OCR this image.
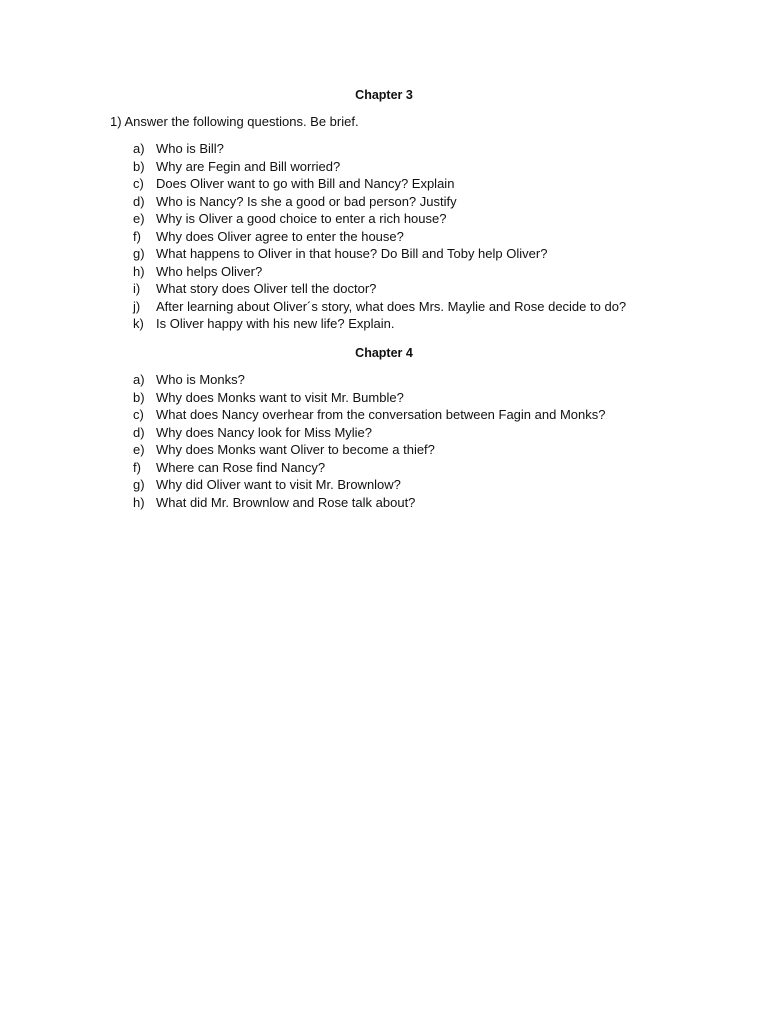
Chapter 3
1) Answer the following questions. Be brief.
a) Who is Bill?
b) Why are Fegin and Bill worried?
c) Does Oliver want to go with Bill and Nancy? Explain
d) Who is Nancy? Is she a good or bad person? Justify
e) Why is Oliver a good choice to enter a rich house?
f)	Why does Oliver agree to enter the house?
g) What happens to Oliver in that house? Do Bill and Toby help Oliver?
h) Who helps Oliver?
i)	What story does Oliver tell the doctor?
j)	After learning about Oliver´s story, what does Mrs. Maylie and Rose decide to do?
k) Is Oliver happy with his new life? Explain.
Chapter 4
a) Who is Monks?
b) Why does Monks want to visit Mr. Bumble?
c) What does Nancy overhear from the conversation between Fagin and Monks?
d) Why does Nancy look for Miss Mylie?
e) Why does Monks want Oliver to become a thief?
f)	Where can Rose find Nancy?
g) Why did Oliver want to visit Mr. Brownlow?
h) What did Mr. Brownlow and Rose talk about?
